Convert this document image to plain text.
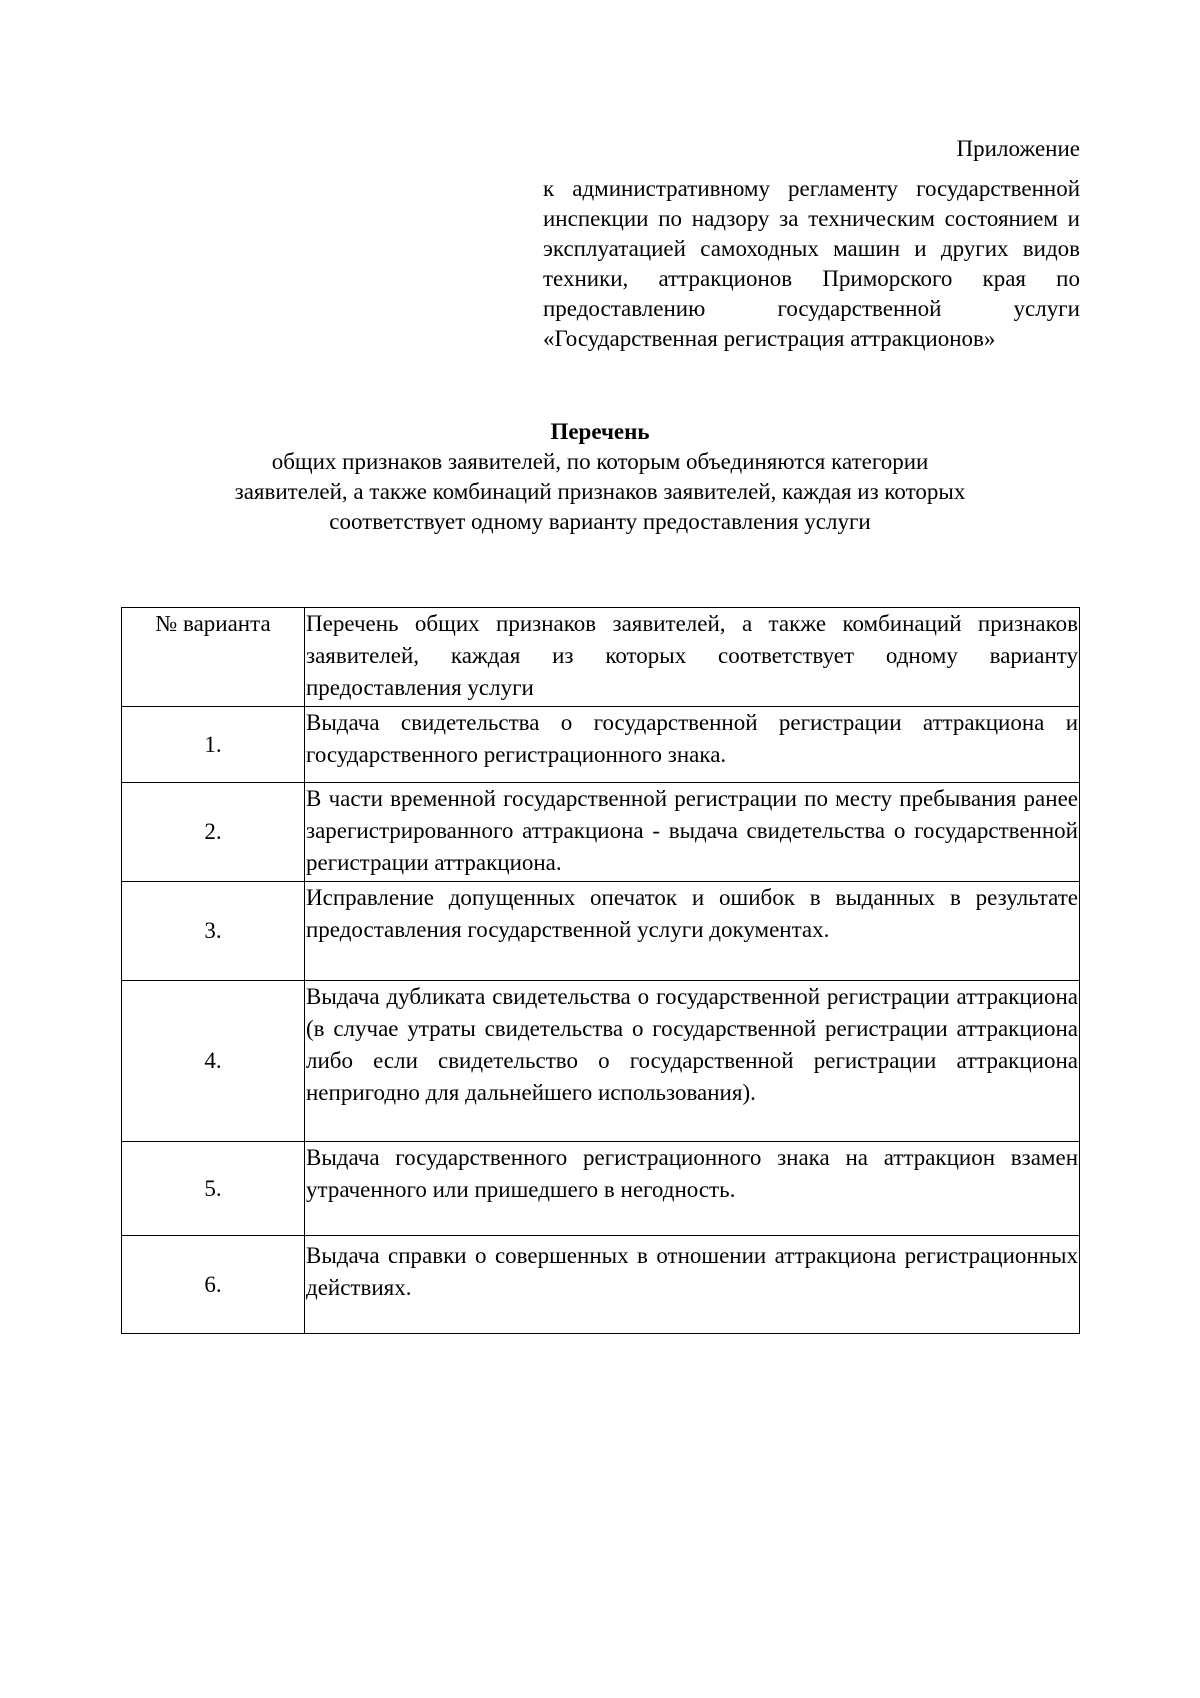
Приложение
к административному регламенту государственной инспекции по надзору за техническим состоянием и эксплуатацией самоходных машин и других видов техники, аттракционов Приморского края по предоставлению государственной услуги «Государственная регистрация аттракционов»
Перечень
общих признаков заявителей, по которым объединяются категории
заявителей, а также комбинаций признаков заявителей, каждая из которых
соответствует одному варианту предоставления услуги
№ варианта	Перечень общих признаков заявителей, а также комбинаций признаков заявителей, каждая из которых соответствует одному варианту предоставления услуги
1.	Выдача свидетельства о государственной регистрации аттракциона и государственного регистрационного знака.
2.	В части временной государственной регистрации по месту пребывания ранее зарегистрированного аттракциона - выдача свидетельства о государственной регистрации аттракциона.
3.	Исправление допущенных опечаток и ошибок в выданных в результате предоставления государственной услуги документах.
4.	Выдача дубликата свидетельства о государственной регистрации аттракциона (в случае утраты свидетельства о государственной регистрации аттракциона либо если свидетельство о государственной регистрации аттракциона непригодно для дальнейшего использования).
5.	Выдача государственного регистрационного знака на аттракцион взамен утраченного или пришедшего в негодность.
6.	Выдача справки о совершенных в отношении аттракциона регистрационных действиях.
